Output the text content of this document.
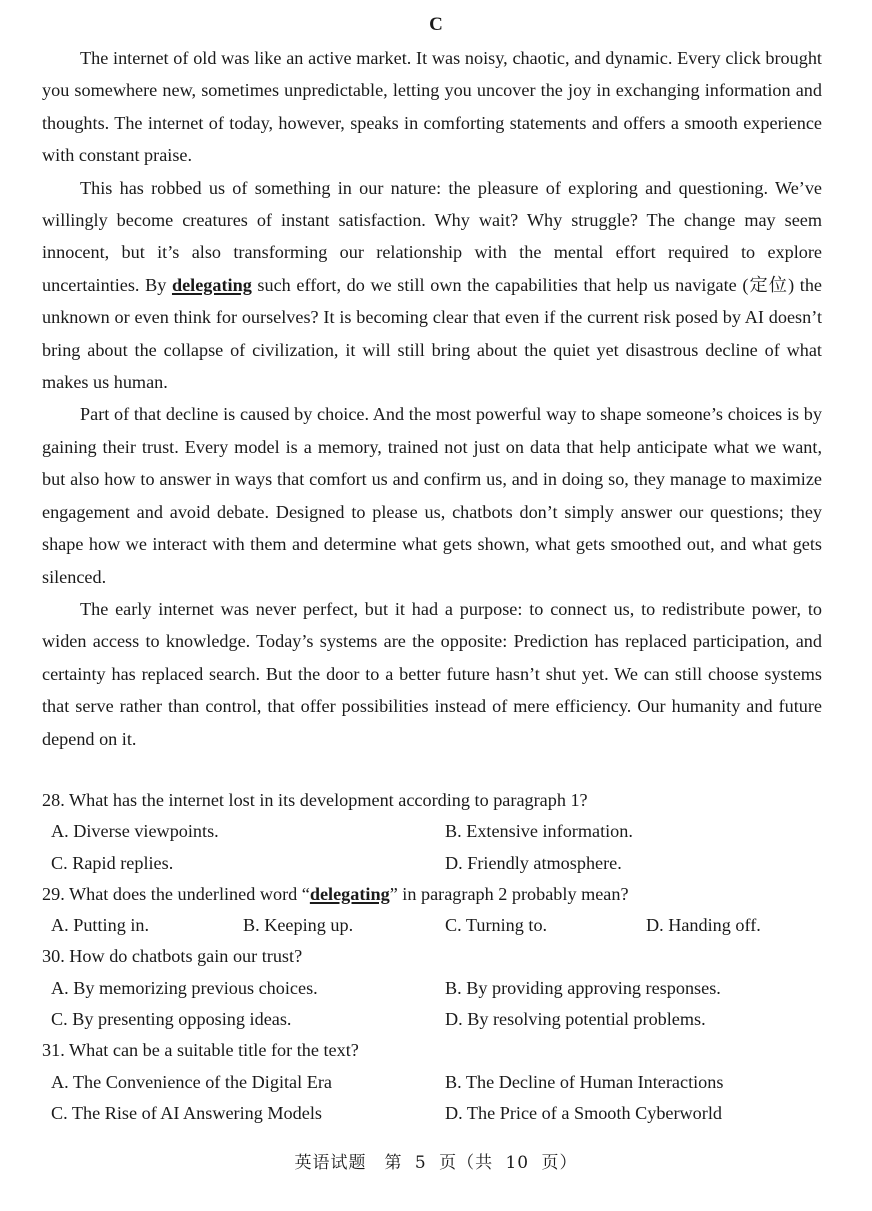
C

The internet of old was like an active market. It was noisy, chaotic, and dynamic. Every click brought you somewhere new, sometimes unpredictable, letting you uncover the joy in exchanging information and thoughts. The internet of today, however, speaks in comforting statements and offers a smooth experience with constant praise.

This has robbed us of something in our nature: the pleasure of exploring and questioning. We’ve willingly become creatures of instant satisfaction. Why wait? Why struggle? The change may seem innocent, but it’s also transforming our relationship with the mental effort required to explore uncertainties. By delegating such effort, do we still own the capabilities that help us navigate (定位) the unknown or even think for ourselves? It is becoming clear that even if the current risk posed by AI doesn’t bring about the collapse of civilization, it will still bring about the quiet yet disastrous decline of what makes us human.

Part of that decline is caused by choice. And the most powerful way to shape someone’s choices is by gaining their trust. Every model is a memory, trained not just on data that help anticipate what we want, but also how to answer in ways that comfort us and confirm us, and in doing so, they manage to maximize engagement and avoid debate. Designed to please us, chatbots don’t simply answer our questions; they shape how we interact with them and determine what gets shown, what gets smoothed out, and what gets silenced.

The early internet was never perfect, but it had a purpose: to connect us, to redistribute power, to widen access to knowledge. Today’s systems are the opposite: Prediction has replaced participation, and certainty has replaced search. But the door to a better future hasn’t shut yet. We can still choose systems that serve rather than control, that offer possibilities instead of mere efficiency. Our humanity and future depend on it.

28. What has the internet lost in its development according to paragraph 1?

A. Diverse viewpoints.	B. Extensive information.
C. Rapid replies.	D. Friendly atmosphere.

29. What does the underlined word “delegating” in paragraph 2 probably mean?

A. Putting in.	B. Keeping up.	C. Turning to.	D. Handing off.

30. How do chatbots gain our trust?

A. By memorizing previous choices.	B. By providing approving responses.
C. By presenting opposing ideas.	D. By resolving potential problems.

31. What can be a suitable title for the text?

A. The Convenience of the Digital Era	B. The Decline of Human Interactions
C. The Rise of AI Answering Models	D. The Price of a Smooth Cyberworld
英语试题 第 5 页（共 10 页）
